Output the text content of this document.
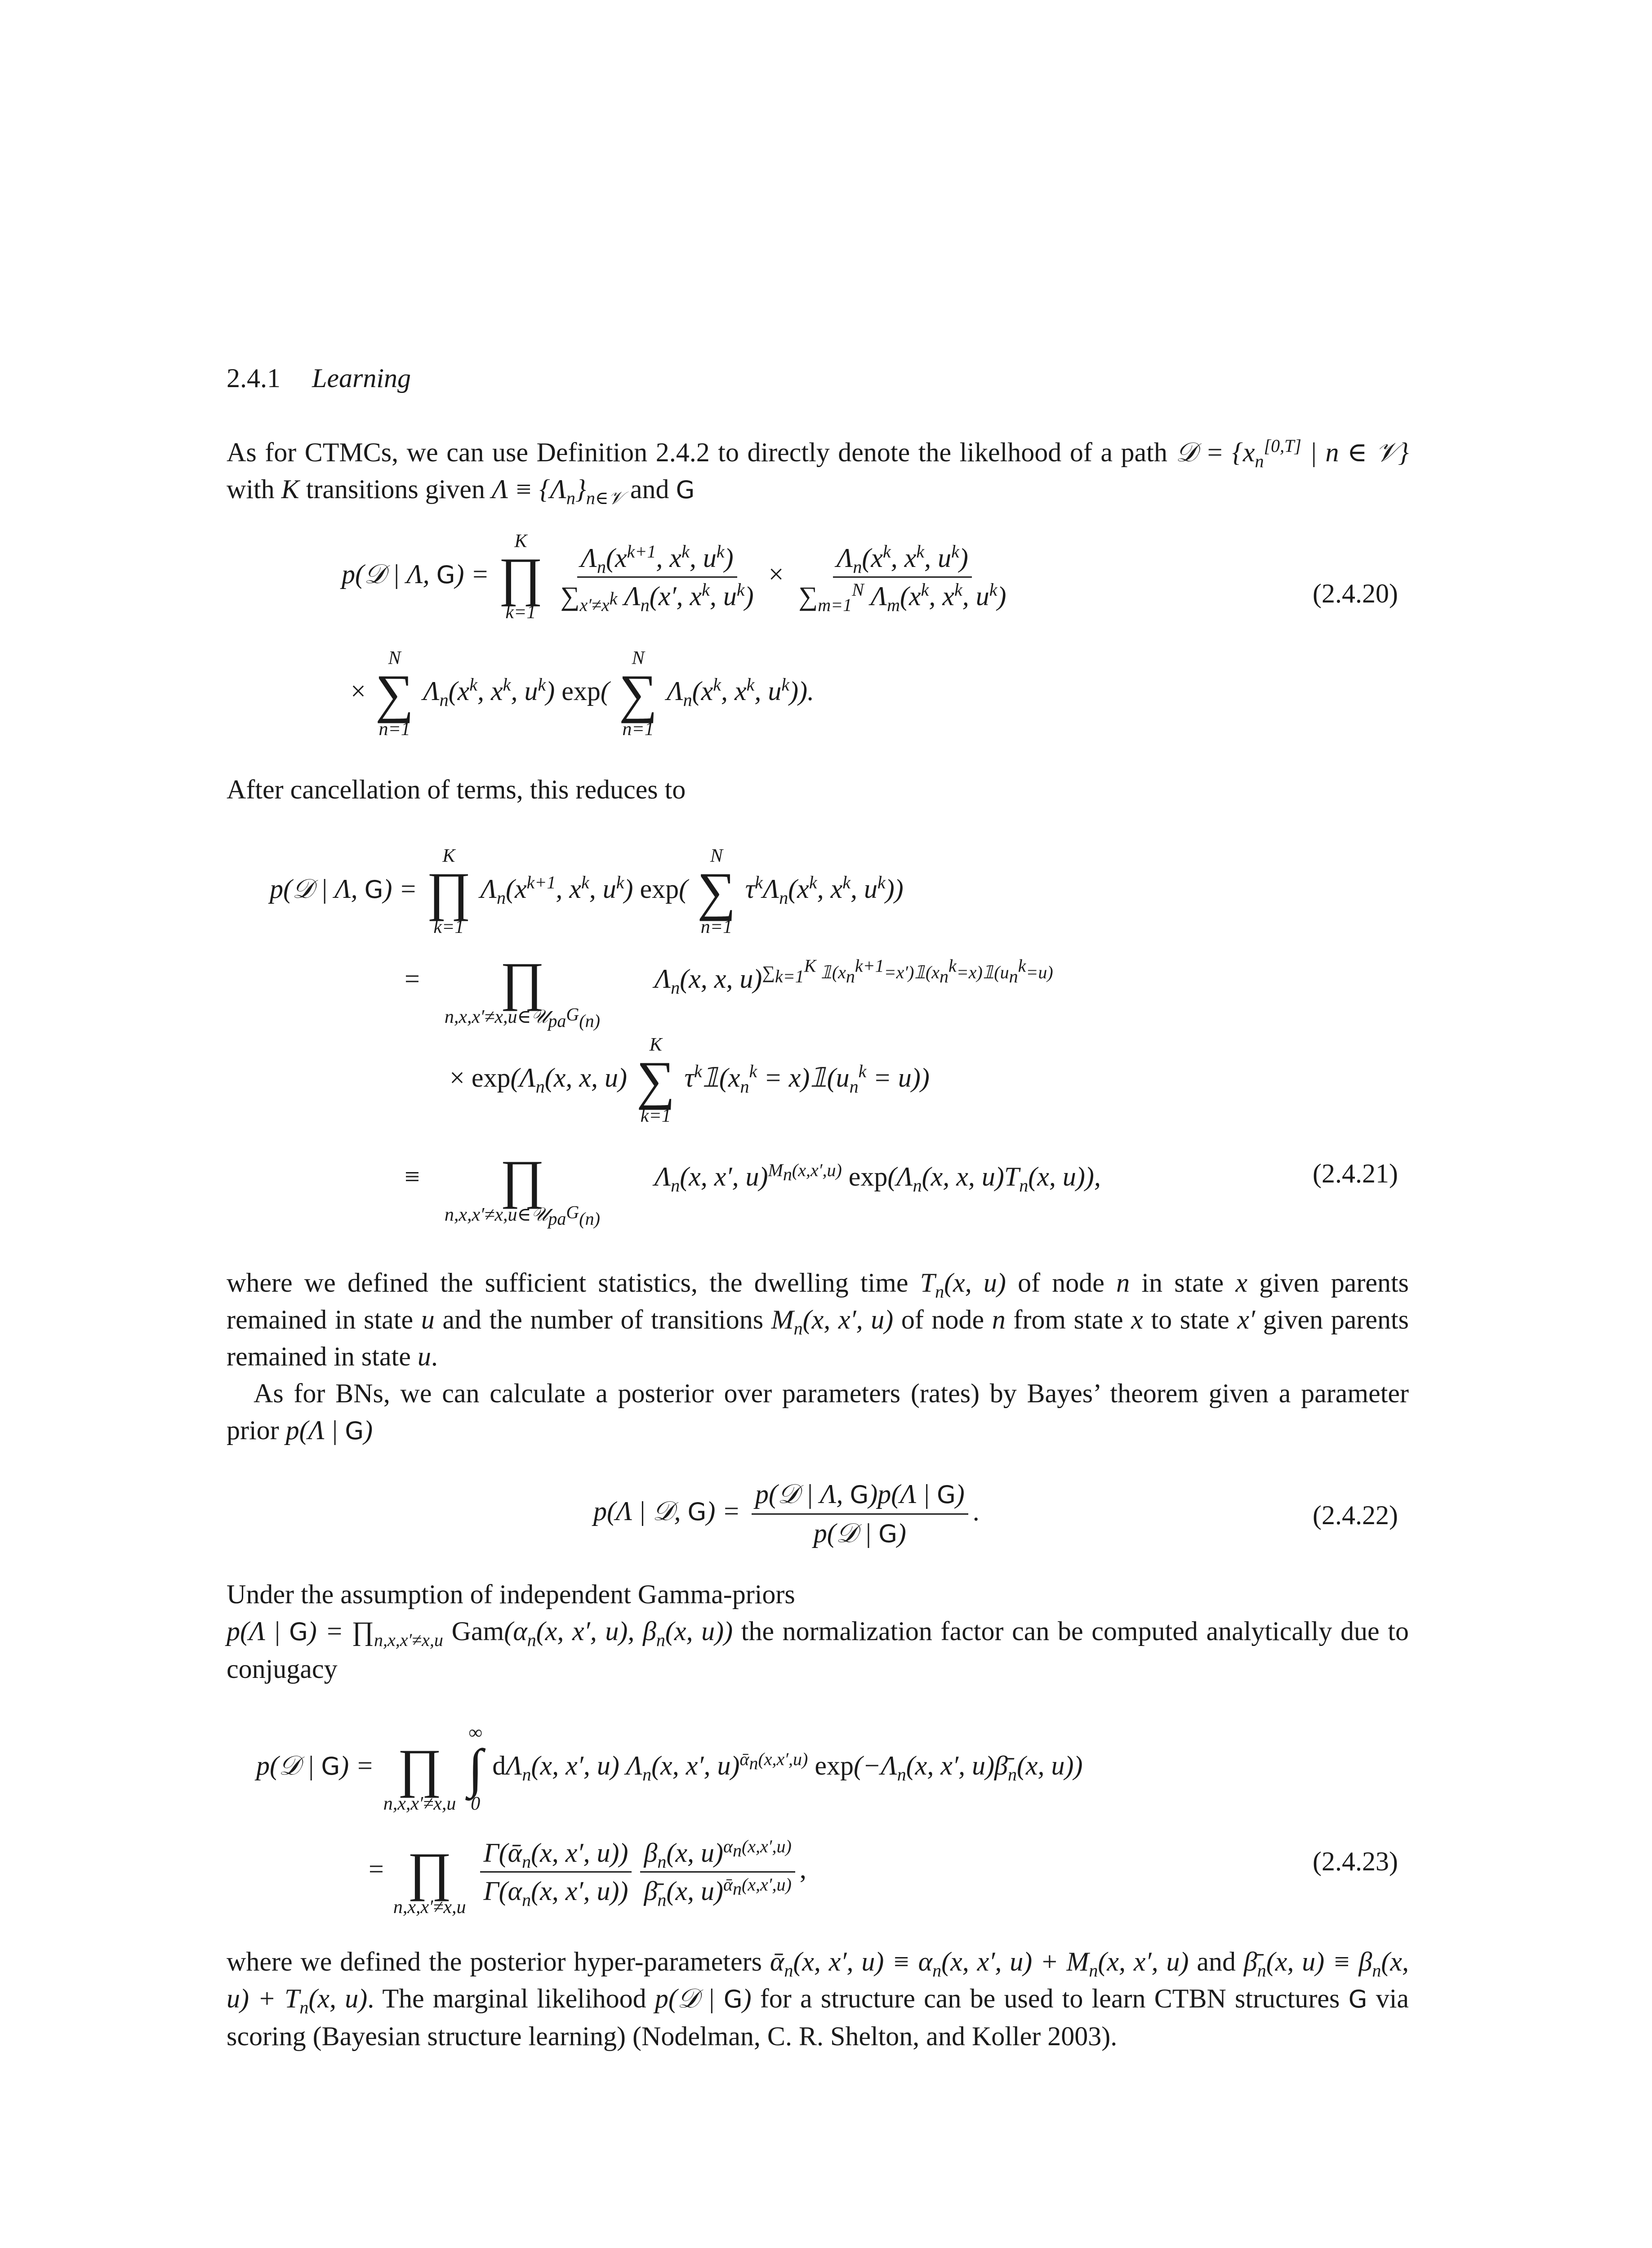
2.4.1 Learning
As for CTMCs, we can use Definition 2.4.2 to directly denote the likelhood of a path 𝒟 = {$x_n[0,T]$ | n ∈ 𝒱} with K transitions given $\Lambda \equiv \{\Lambda_n\}_{n\in 𝒱}$ and G
p(𝒟 | Λ, G) =
K
∏
k=1

$\frac{\Lambda_n(x^{k+1}, x^k, u^k)}{\sum_{x'\ne x^k} \Lambda_n(x', x^k, u^k)} \times \frac{\Lambda_n(x^k, x^k, u^k)}{\sum_{m=1}^N \Lambda_m(x^k, x^k, u^k)}$	(2.4.20)
×
N
∑
n=1
$\Lambda_n(x^k$, $x^k$, $u^k$) exp(
N
∑
n=1
$\Lambda_n(x^k$, $x^k$, $u^k$)).
After cancellation of terms, this reduces to
p(𝒟 | Λ, G) =
K
∏
k=1
$\Lambda_n(x^{k+1}$, $x^k$, $u^k$) exp(
N
∑
n=1
$\tau^k\Lambda_n(x^k$, $x^k$, $u^k$))
=
∏
n,x,x′≠x,u∈𝒰$_{pa^G(n)}$
$\Lambda_n(x$, x, u)$^{\sum_{k=1}^K 𝟙(x_n^{k+1}=x')𝟙(x_n^k=x)𝟙(u_n^k=u)}$
× $\exp(\Lambda_n(x$, x, u)
K
∑
k=1
$\tau^k𝟙(x_n^k$ = $x)𝟙(u_n^k = u)$)
≡
∏
n,x,x′≠x,u∈𝒰$_{pa^G(n)}$
$\Lambda_n(x$, x′, u)$^{M_n(x,x',u)}$ $\exp(\Lambda_n(x$, x, $u)T_n(x$, u)),	(2.4.21)
where we defined the sufficient statistics, the dwelling time $T_n(x$, u) of node n in state x given parents remained in state u and the number of transitions $M_n(x$, x′, u) of node n from state x to state x′ given parents remained in state u.
As for BNs, we can calculate a posterior over parameters (rates) by Bayes’ theorem given a parameter prior p(Λ | G)
p(Λ | 𝒟, $G) = \frac{\text{p(𝒟 | Λ, G)p(Λ | G)}}{\text{p(𝒟 | G)}}$ .	(2.4.22)
Under the assumption of independent Gamma-priors
p(Λ | $G) = \prod_{n,x,x'\ne x,u}$ $Gam(\alpha_n(x$, x′, u), $\beta_n(x$, u)) the normalization factor can be computed analytically due to conjugacy
p(𝒟 | G) =
∏
n,x,x′≠x,u

∞
∫
0
$d\Lambda_n(x$, x′, u) $\Lambda_n(x$, x′, u)$^{ᾱ_n(x,x',u)}$ $\exp(-\Lambda_n(x$, x′, $u)\betā_n(x$, u))
=
∏
n,x,x′≠x,u

$\frac{\Gamma(ᾱ_n(x, x', u))}{\Gamma(\alpha_n(x, x', u))}$
$\frac{\beta_n(x, u)^{\alpha_n(x,x',u)}}{\betā_n(x, u)^{ᾱ_n(x,x',u)}}$ ,	(2.4.23)
where we defined the posterior hyper-parameters ᾱ$_n$(x, x′, $u) \equiv \alpha_n(x$, x′, $u) + M_n(x$, x′, u) and $\betā_n(x$, $u) \equiv \beta_n(x$, $u) + T_n(x$, u). The marginal likelihood p(𝒟 | G) for a structure can be used to learn CTBN structures G via scoring (Bayesian structure learning) (Nodelman, C. R. Shelton, and Koller 2003).
